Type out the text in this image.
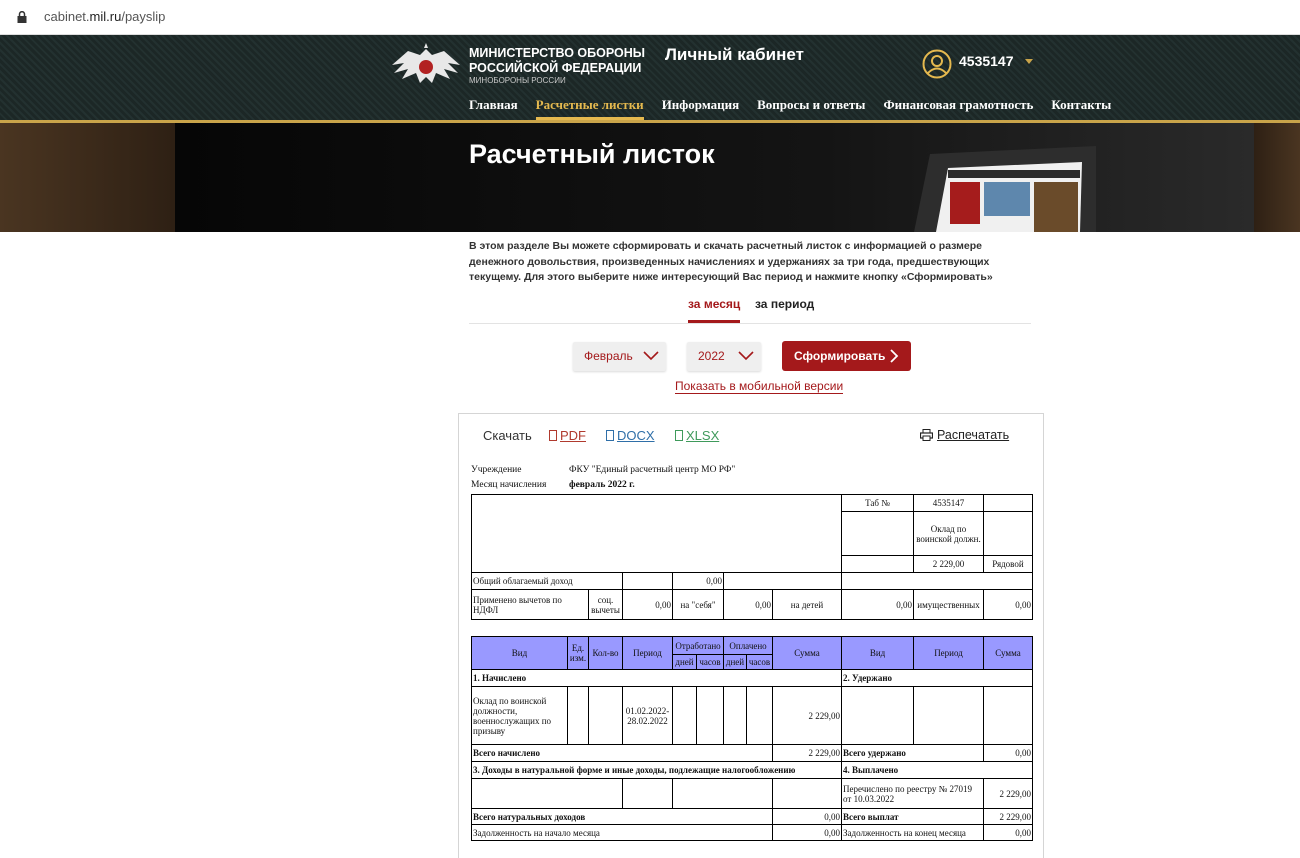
cabinet.mil.ru/payslip
МИНИСТЕРСТВО ОБОРОНЫ
РОССИЙСКОЙ ФЕДЕРАЦИИ
МИНОБОРОНЫ РОССИИ
Личный кабинет	4535147
Главная Расчетные листки Информация Вопросы и ответы Финансовая грамотность Контакты
Расчетный листок
В этом разделе Вы можете сформировать и скачать расчетный листок с информацией о размере денежного довольствия, произведенных начислениях и удержаниях за три года, предшествующих текущему. Для этого выберите ниже интересующий Вас период и нажмите кнопку «Сформировать»
за месяц за период
Февраль	2022	Сформировать
Показать в мобильной версии
Скачать	PDF	DOCX	XLSX	Распечатать
Учреждение	ФКУ "Единый расчетный центр МО РФ"
Месяц начисления	февраль 2022 г.
						Таб №	4535147		
							Оклад по воинской должн.		
							2 229,00	Рядовой	
Общий облагаемый доход			0,00						
Применено вычетов по НДФЛ	соц. вычеты	0,00	на "себя"	0,00	на детей	0,00	имущественных	0,00	
Вид	Ед. изм.	Кол-во	Период	Отработано		Оплачено		Сумма	Вид	Период	Сумма
				дней	часов	дней	часов				
1. Начислено									2. Удержано		
Оклад по воинской должности, военнослужащих по призыву			01.02.2022-28.02.2022					2 229,00			
Всего начислено								2 229,00	Всего удержано		0,00
3. Доходы в натуральной форме и иные доходы, подлежащие налогообложению									4. Выплачено		
									Перечислено по реестру № 27019 от 10.03.2022		2 229,00
Всего натуральных доходов								0,00	Всего выплат		2 229,00
Задолженность на начало месяца								0,00	Задолженность на конец месяца		0,00
